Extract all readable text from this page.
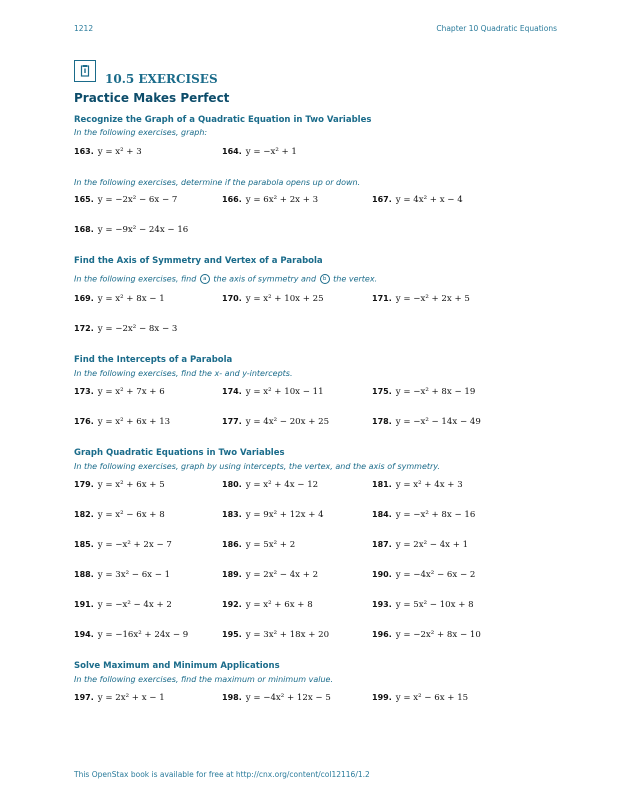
1212	Chapter 10 Quadratic Equations
10.5 EXERCISES
Practice Makes Perfect
Recognize the Graph of a Quadratic Equation in Two Variables
In the following exercises, graph:
163. y = x² + 3	164. y = −x² + 1
In the following exercises, determine if the parabola opens up or down.
165. y = −2x² − 6x − 7	166. y = 6x² + 2x + 3	167. y = 4x² + x − 4
168. y = −9x² − 24x − 16
Find the Axis of Symmetry and Vertex of a Parabola
In the following exercises, find a the axis of symmetry and b the vertex.
169. y = x² + 8x − 1	170. y = x² + 10x + 25	171. y = −x² + 2x + 5
172. y = −2x² − 8x − 3
Find the Intercepts of a Parabola
In the following exercises, find the x- and y-intercepts.
173. y = x² + 7x + 6	174. y = x² + 10x − 11	175. y = −x² + 8x − 19
176. y = x² + 6x + 13	177. y = 4x² − 20x + 25	178. y = −x² − 14x − 49
Graph Quadratic Equations in Two Variables
In the following exercises, graph by using intercepts, the vertex, and the axis of symmetry.
179. y = x² + 6x + 5	180. y = x² + 4x − 12	181. y = x² + 4x + 3
182. y = x² − 6x + 8	183. y = 9x² + 12x + 4	184. y = −x² + 8x − 16
185. y = −x² + 2x − 7	186. y = 5x² + 2	187. y = 2x² − 4x + 1
188. y = 3x² − 6x − 1	189. y = 2x² − 4x + 2	190. y = −4x² − 6x − 2
191. y = −x² − 4x + 2	192. y = x² + 6x + 8	193. y = 5x² − 10x + 8
194. y = −16x² + 24x − 9	195. y = 3x² + 18x + 20	196. y = −2x² + 8x − 10
Solve Maximum and Minimum Applications
In the following exercises, find the maximum or minimum value.
197. y = 2x² + x − 1	198. y = −4x² + 12x − 5	199. y = x² − 6x + 15
This OpenStax book is available for free at http://cnx.org/content/col12116/1.2
